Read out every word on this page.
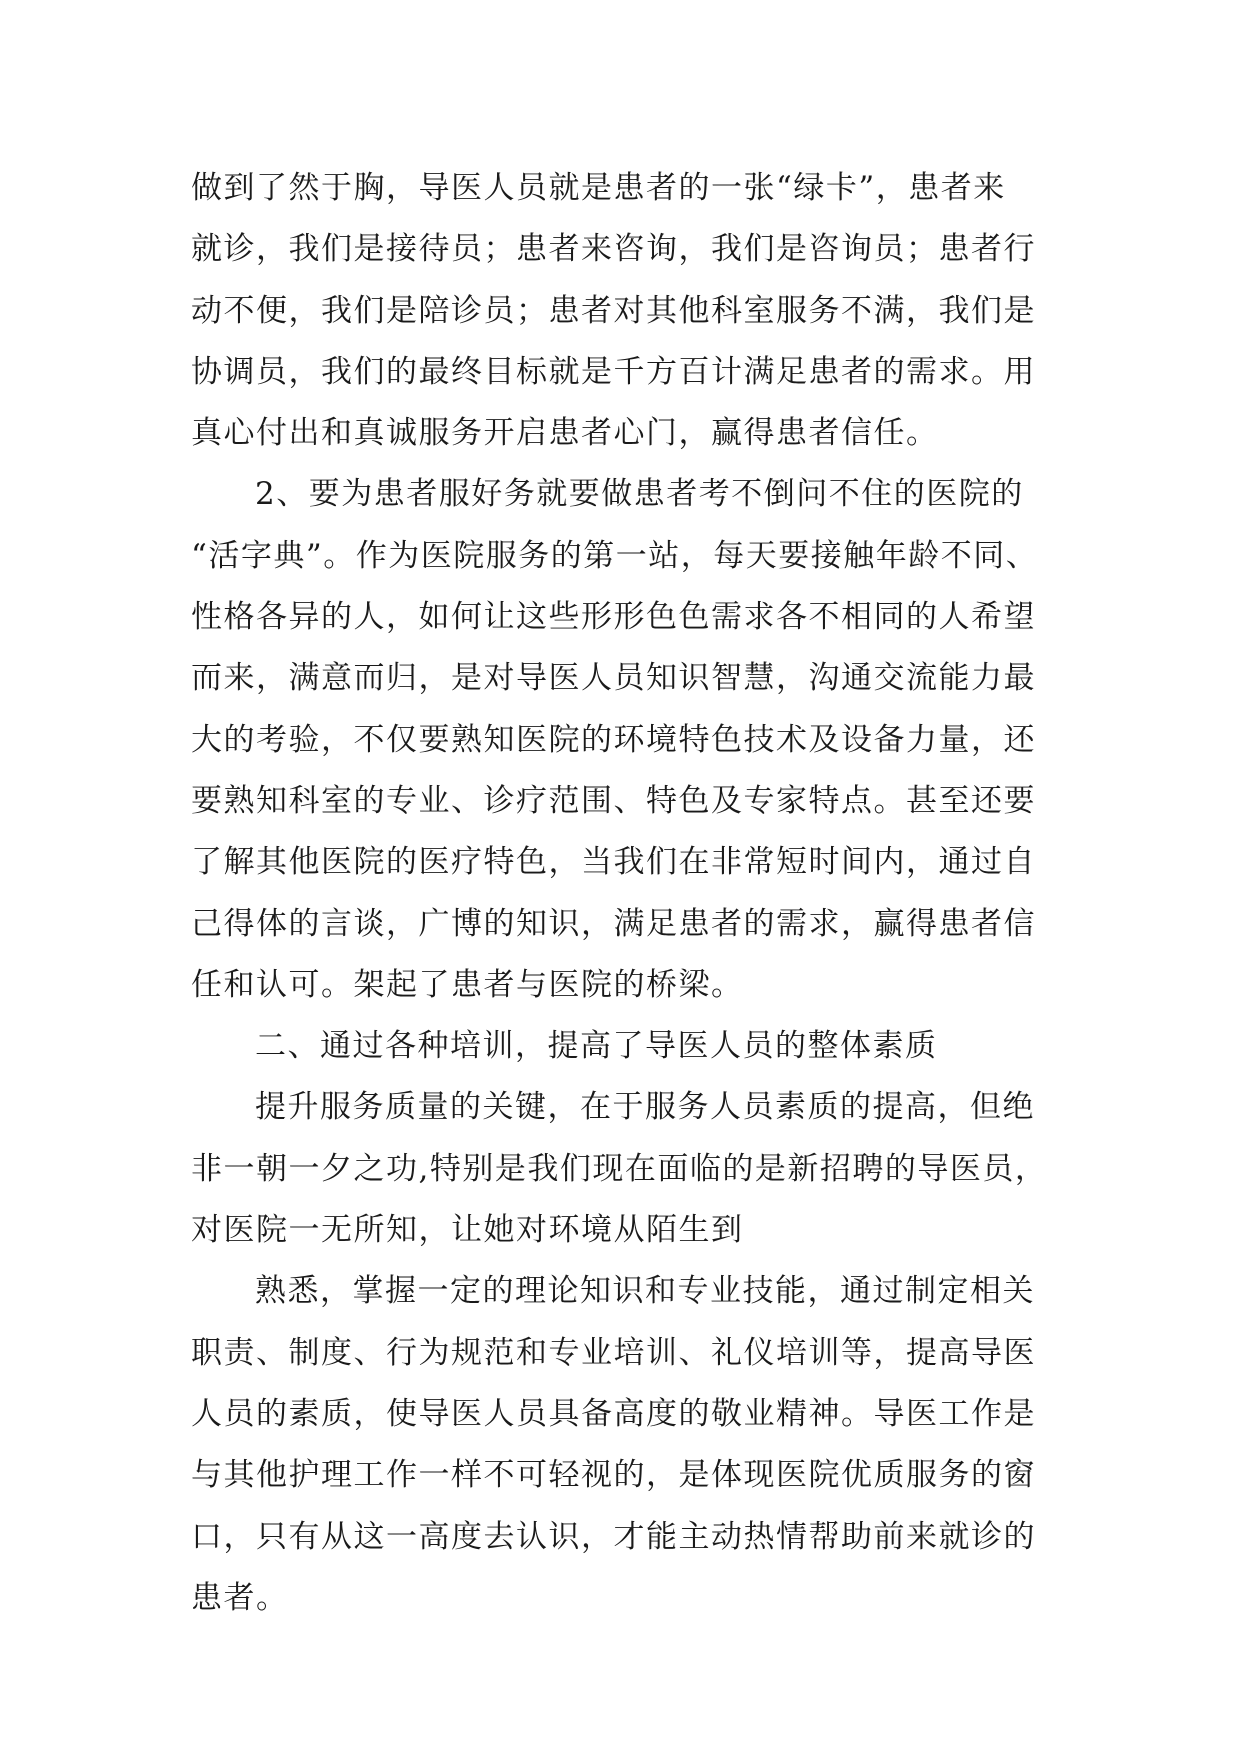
做到了然于胸，导医人员就是患者的一张“绿卡”，患者来
就诊，我们是接待员；患者来咨询，我们是咨询员；患者行
动不便，我们是陪诊员；患者对其他科室服务不满，我们是
协调员，我们的最终目标就是千方百计满足患者的需求。用
真心付出和真诚服务开启患者心门，赢得患者信任。
2、要为患者服好务就要做患者考不倒问不住的医院的
“活字典”。作为医院服务的第一站，每天要接触年龄不同、
性格各异的人，如何让这些形形色色需求各不相同的人希望
而来，满意而归，是对导医人员知识智慧，沟通交流能力最
大的考验，不仅要熟知医院的环境特色技术及设备力量，还
要熟知科室的专业、诊疗范围、特色及专家特点。甚至还要
了解其他医院的医疗特色，当我们在非常短时间内，通过自
己得体的言谈，广博的知识，满足患者的需求，赢得患者信
任和认可。架起了患者与医院的桥梁。
二、通过各种培训，提高了导医人员的整体素质
提升服务质量的关键，在于服务人员素质的提高，但绝
非一朝一夕之功,特别是我们现在面临的是新招聘的导医员，
对医院一无所知，让她对环境从陌生到
熟悉，掌握一定的理论知识和专业技能，通过制定相关
职责、制度、行为规范和专业培训、礼仪培训等，提高导医
人员的素质，使导医人员具备高度的敬业精神。导医工作是
与其他护理工作一样不可轻视的，是体现医院优质服务的窗
口，只有从这一高度去认识，才能主动热情帮助前来就诊的
患者。
